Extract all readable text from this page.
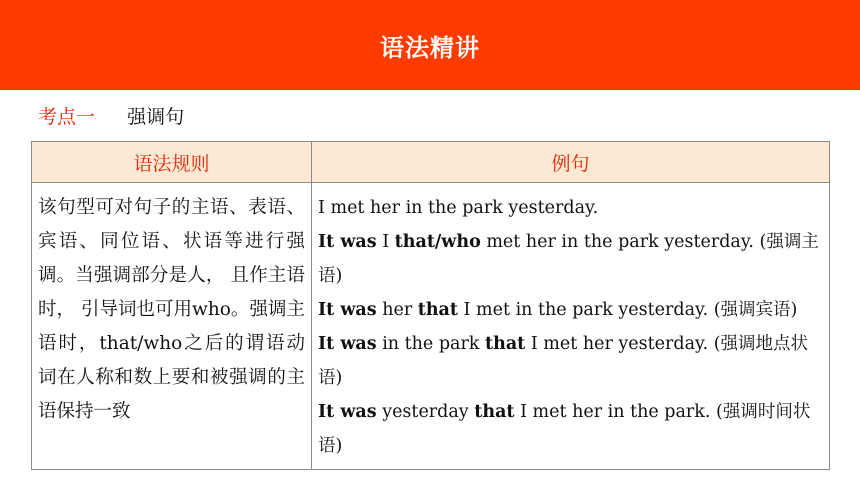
语法精讲
考点一 强调句
语法规则	例句
该句型可对句子的主语、表语、宾语、同位语、状语等进行强调。当强调部分是人， 且作主语时， 引导词也可用who。强调主语时，that/who之后的谓语动词在人称和数上要和被强调的主语保持一致	I met her in the park yesterday.
It was I that/who met her in the park yesterday. (强调主语)
It was her that I met in the park yesterday. (强调宾语)
It was in the park that I met her yesterday. (强调地点状语)
It was yesterday that I met her in the park. (强调时间状语)
